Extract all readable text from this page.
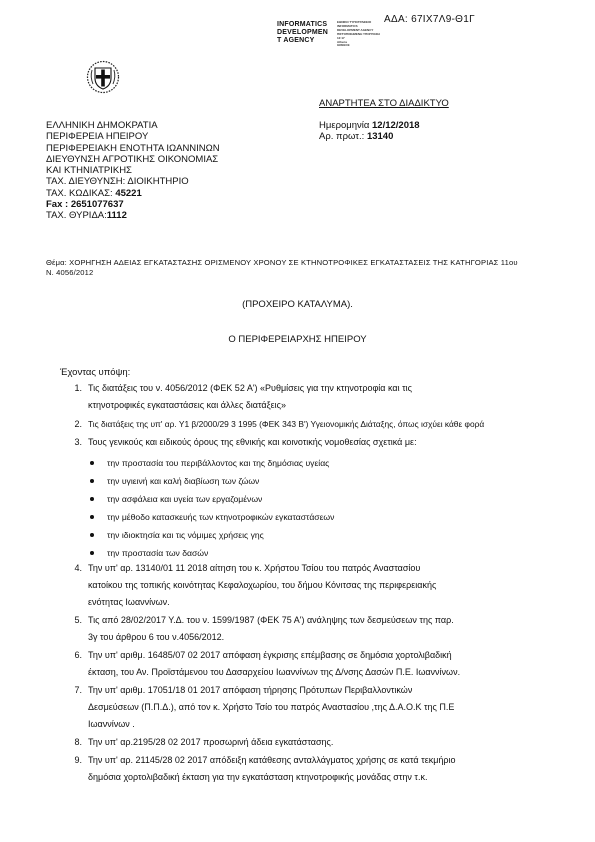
ΑΔΑ: 67ΙΧ7Λ9-Θ1Γ
INFORMATICS
DEVELOPMEN
T AGENCY
ΕΘΝΙΚΟ ΤΥΠΟΓΡΑΦΕΙΟ
INFORMATICS
DEVELOPMENT AGENCY
ΠΙΣΤΟΠΟΙΗΜΕΝΗ ΥΠΟΓΡΑΦΗ
12:17
Athens
GREECE
ΑΝΑΡΤΗΤΕΑ ΣΤΟ ΔΙΑΔΙΚΤΥΟ
ΕΛΛΗΝΙΚΗ ΔΗΜΟΚΡΑΤΙΑ
ΠΕΡΙΦΕΡΕΙΑ ΗΠΕΙΡΟΥ
ΠΕΡΙΦΕΡΕΙΑΚΗ ΕΝΟΤΗΤΑ ΙΩΑΝΝΙΝΩΝ
ΔΙΕΥΘΥΝΣΗ ΑΓΡΟΤΙΚΗΣ ΟΙΚΟΝΟΜΙΑΣ
ΚΑΙ ΚΤΗΝΙΑΤΡΙΚΗΣ
ΤΑΧ. ΔΙΕΥΘΥΝΣΗ: ΔΙΟΙΚΗΤΗΡΙΟ
ΤΑΧ. ΚΩΔΙΚΑΣ: 45221
Fax : 2651077637
ΤΑΧ. ΘΥΡΙΔΑ:1112
Ημερομηνία 12/12/2018
Αρ. πρωτ.: 13140
Θέμα: ΧΟΡΗΓΗΣΗ ΑΔΕΙΑΣ ΕΓΚΑΤΑΣΤΑΣΗΣ ΟΡΙΣΜΕΝΟΥ ΧΡΟΝΟΥ ΣΕ ΚΤΗΝΟΤΡΟΦΙΚΕΣ ΕΓΚΑΤΑΣΤΑΣΕΙΣ ΤΗΣ ΚΑΤΗΓΟΡΙΑΣ 11ου
Ν. 4056/2012
(ΠΡΟΧΕΙΡΟ ΚΑΤΑΛΥΜΑ).
Ο ΠΕΡΙΦΕΡΕΙΑΡΧΗΣ ΗΠΕΙΡΟΥ
Έχοντας υπόψη:
1. Τις διατάξεις του ν. 4056/2012 (ΦΕΚ 52 Α') «Ρυθμίσεις για την κτηνοτροφία και τις
κτηνοτροφικές εγκαταστάσεις και άλλες διατάξεις»
2. Τις διατάξεις της υπ' αρ. Υ1 β/2000/29 3 1995 (ΦΕΚ 343 Β') Υγειονομικής Διάταξης, όπως ισχύει κάθε φορά
3. Τους γενικούς και ειδικούς όρους της εθνικής και κοινοτικής νομοθεσίας σχετικά με:
την προστασία του περιβάλλοντος και της δημόσιας υγείας
την υγιεινή και καλή διαβίωση των ζώων
την ασφάλεια και υγεία των εργαζομένων
την μέθοδο κατασκευής των κτηνοτροφικών εγκαταστάσεων
την ιδιοκτησία και τις νόμιμες χρήσεις γης
την προστασία των δασών
4. Την υπ' αρ. 13140/01 11 2018 αίτηση του κ. Χρήστου Τσίου του πατρός Αναστασίου
κατοίκου της τοπικής κοινότητας Κεφαλοχωρίου, του δήμου Κόνιτσας της περιφερειακής
ενότητας Ιωαννίνων.
5. Τις από 28/02/2017 Υ.Δ. του ν. 1599/1987 (ΦΕΚ 75 Α') ανάληψης των δεσμεύσεων της παρ.
3γ του άρθρου 6 του ν.4056/2012.
6. Την υπ' αριθμ. 16485/07 02 2017 απόφαση έγκρισης επέμβασης σε δημόσια χορτολιβαδική
έκταση, του Αν. Προϊστάμενου του Δασαρχείου Ιωαννίνων της Δ/νσης Δασών Π.Ε. Ιωαννίνων.
7. Την υπ' αριθμ. 17051/18 01 2017 απόφαση τήρησης Πρότυπων Περιβαλλοντικών
Δεσμεύσεων (Π.Π.Δ.), από τον κ. Χρήστο Τσίο του πατρός Αναστασίου ,της Δ.Α.Ο.Κ της Π.Ε
Ιωαννίνων .
8. Την υπ' αρ.2195/28 02 2017 προσωρινή άδεια εγκατάστασης.
9. Την υπ' αρ. 21145/28 02 2017 απόδειξη κατάθεσης ανταλλάγματος χρήσης σε κατά τεκμήριο
δημόσια χορτολιβαδική έκταση για την εγκατάσταση κτηνοτροφικής μονάδας στην τ.κ.
